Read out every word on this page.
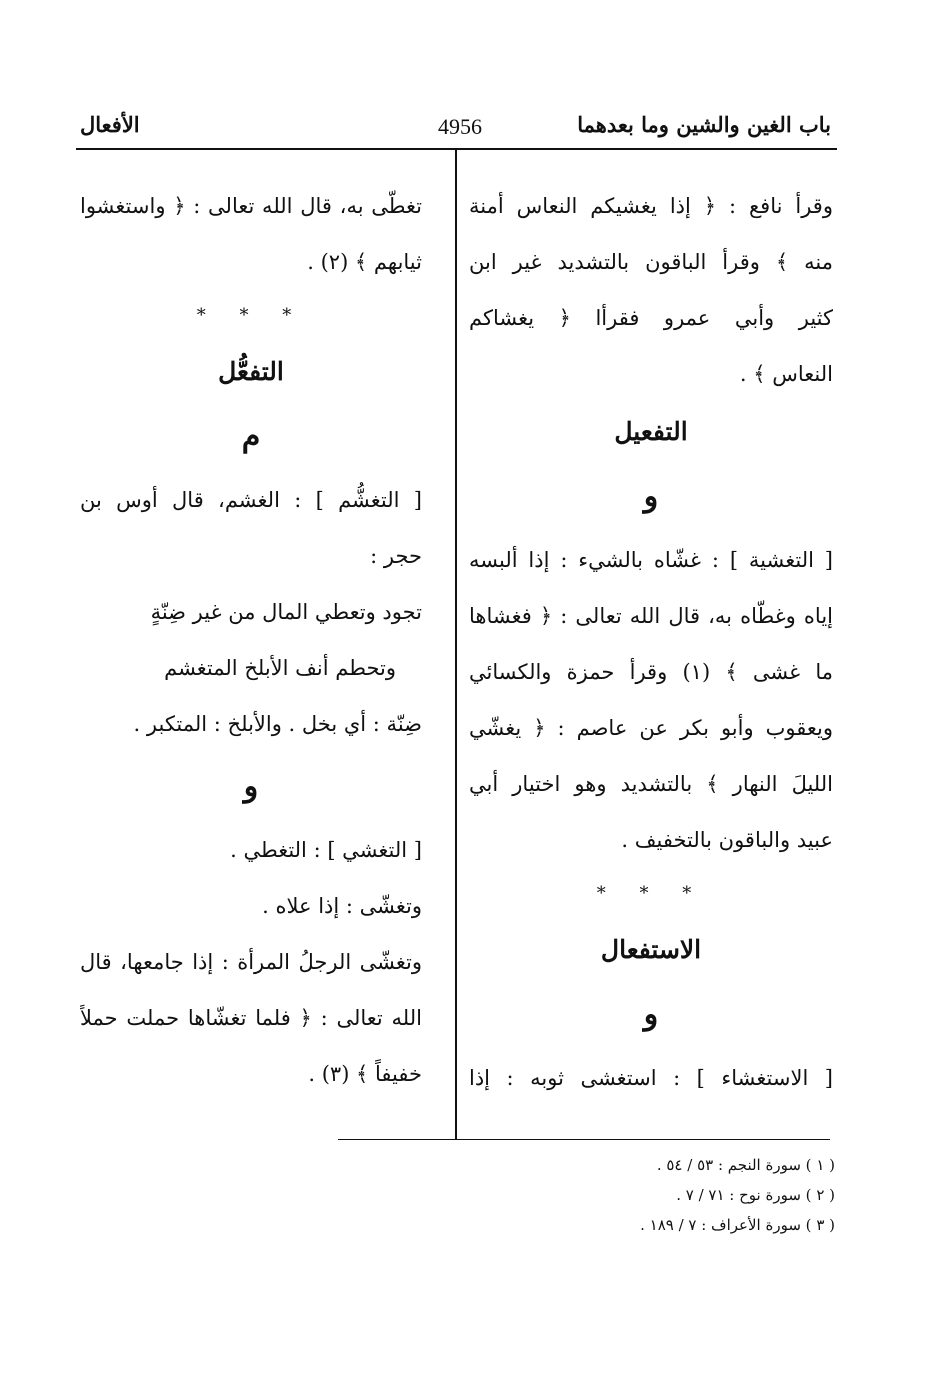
باب الغين والشين وما بعدهما
4956
الأفعال
وقرأ نافع : ﴿ إذا يغشيكم النعاس أمنة
منه ﴾ وقرأ الباقون بالتشديد غير ابن
كثير وأبي عمرو فقرأا ﴿ يغشاكم
النعاس ﴾ .
التفعيل
و
[ التغشية ] : غشّاه بالشيء : إذا ألبسه
إياه وغطّاه به، قال الله تعالى : ﴿ فغشاها
ما غشى ﴾ (١) وقرأ حمزة والكسائي
ويعقوب وأبو بكر عن عاصم : ﴿ يغشّي
الليلَ النهار ﴾ بالتشديد وهو اختيار أبي
عبيد والباقون بالتخفيف .
* * *
الاستفعال
و
[ الاستغشاء ] : استغشى ثوبه : إذا
تغطّى به، قال الله تعالى : ﴿ واستغشوا
ثيابهم ﴾ (٢) .
* * *
التفعُّل
م
[ التغشُّم ] : الغشم، قال أوس بن
حجر :
تجود وتعطي المال من غير ضِنّةٍ
وتحطم أنف الأبلخ المتغشم
ضِنّة : أي بخل . والأبلخ : المتكبر .
و
[ التغشي ] : التغطي .
وتغشّى : إذا علاه .
وتغشّى الرجلُ المرأة : إذا جامعها، قال
الله تعالى : ﴿ فلما تغشّاها حملت حملاً
خفيفاً ﴾ (٣) .
( ١ ) سورة النجم : ٥٣ / ٥٤ .
( ٢ ) سورة نوح : ٧١ / ٧ .
( ٣ ) سورة الأعراف : ٧ / ١٨٩ .
